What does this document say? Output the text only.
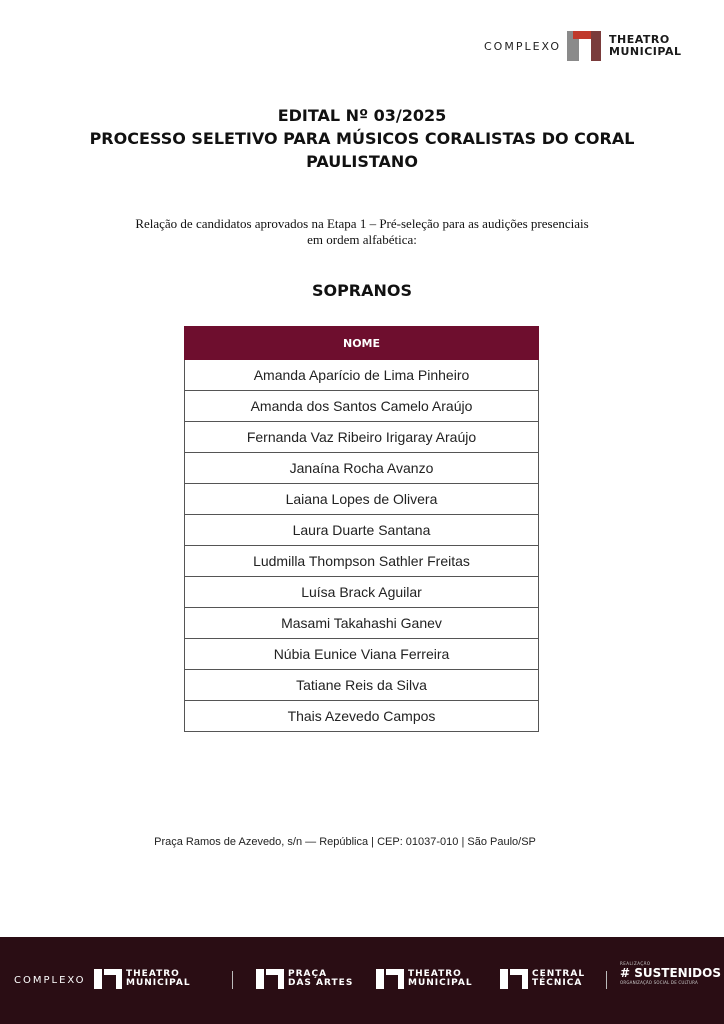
COMPLEXO	THEATRO
MUNICIPAL
EDITAL Nº 03/2025
PROCESSO SELETIVO PARA MÚSICOS CORALISTAS DO CORAL
PAULISTANO
Relação de candidatos aprovados na Etapa 1 – Pré-seleção para as audições presenciais
em ordem alfabética:
SOPRANOS
NOME
Amanda Aparício de Lima Pinheiro
Amanda dos Santos Camelo Araújo
Fernanda Vaz Ribeiro Irigaray Araújo
Janaína Rocha Avanzo
Laiana Lopes de Olivera
Laura Duarte Santana
Ludmilla Thompson Sathler Freitas
Luísa Brack Aguilar
Masami Takahashi Ganev
Núbia Eunice Viana Ferreira
Tatiane Reis da Silva
Thais Azevedo Campos
Praça Ramos de Azevedo, s/n — República | CEP: 01037-010 | São Paulo/SP
COMPLEXO
THEATRO
MUNICIPAL
PRAÇA
DAS ARTES
THEATRO
MUNICIPAL
CENTRAL
TÉCNICA
REALIZAÇÃO
# SUSTENIDOS
ORGANIZAÇÃO SOCIAL DE CULTURA
